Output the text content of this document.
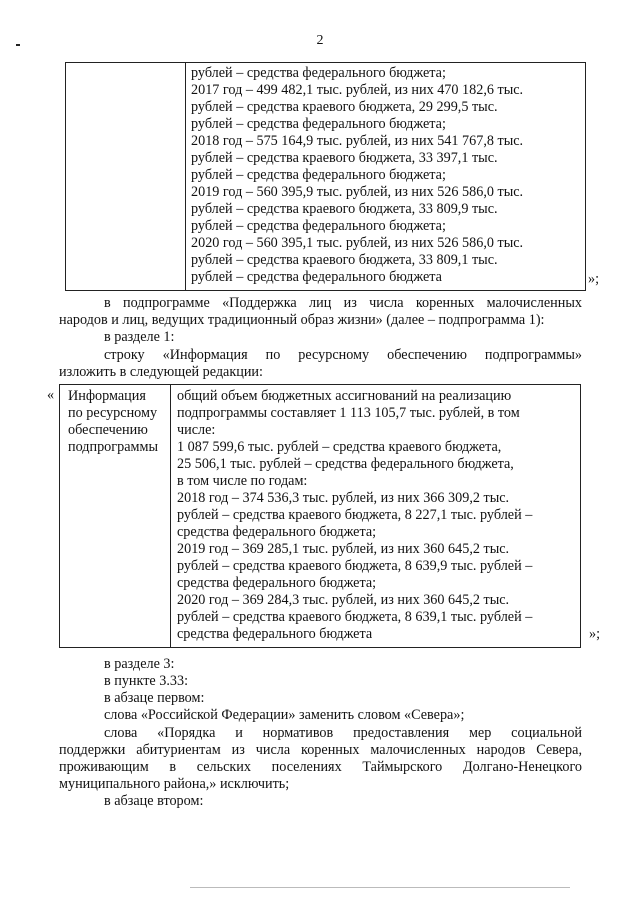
2
рублей – средства федерального бюджета;
2017 год – 499 482,1 тыс. рублей, из них 470 182,6 тыс.
рублей – средства краевого бюджета, 29 299,5 тыс.
рублей – средства федерального бюджета;
2018 год – 575 164,9 тыс. рублей, из них 541 767,8 тыс.
рублей – средства краевого бюджета, 33 397,1 тыс.
рублей – средства федерального бюджета;
2019 год – 560 395,9 тыс. рублей, из них 526 586,0 тыс.
рублей – средства краевого бюджета, 33 809,9 тыс.
рублей – средства федерального бюджета;
2020 год – 560 395,1 тыс. рублей, из них 526 586,0 тыс.
рублей – средства краевого бюджета, 33 809,1 тыс.
рублей – средства федерального бюджета	»;
в подпрограмме «Поддержка лиц из числа коренных малочисленных
народов и лиц, ведущих традиционный образ жизни» (далее – подпрограмма 1):
в разделе 1:
строку «Информация по ресурсному обеспечению подпрограммы»
изложить в следующей редакции:
« Информация
по ресурсному
обеспечению
подпрограммы
общий объем бюджетных ассигнований на реализацию
подпрограммы составляет 1 113 105,7 тыс. рублей, в том
числе:
1 087 599,6 тыс. рублей – средства краевого бюджета,
25 506,1 тыс. рублей – средства федерального бюджета,
в том числе по годам:
2018 год – 374 536,3 тыс. рублей, из них 366 309,2 тыс.
рублей – средства краевого бюджета, 8 227,1 тыс. рублей –
средства федерального бюджета;
2019 год – 369 285,1 тыс. рублей, из них 360 645,2 тыс.
рублей – средства краевого бюджета, 8 639,9 тыс. рублей –
средства федерального бюджета;
2020 год – 369 284,3 тыс. рублей, из них 360 645,2 тыс.
рублей – средства краевого бюджета, 8 639,1 тыс. рублей –
средства федерального бюджета	»;
в разделе 3:
в пункте 3.33:
в абзаце первом:
слова «Российской Федерации» заменить словом «Севера»;
слова «Порядка и нормативов предоставления мер социальной
поддержки абитуриентам из числа коренных малочисленных народов Севера,
проживающим в сельских поселениях Таймырского Долгано-Ненецкого
муниципального района,» исключить;
в абзаце втором:
